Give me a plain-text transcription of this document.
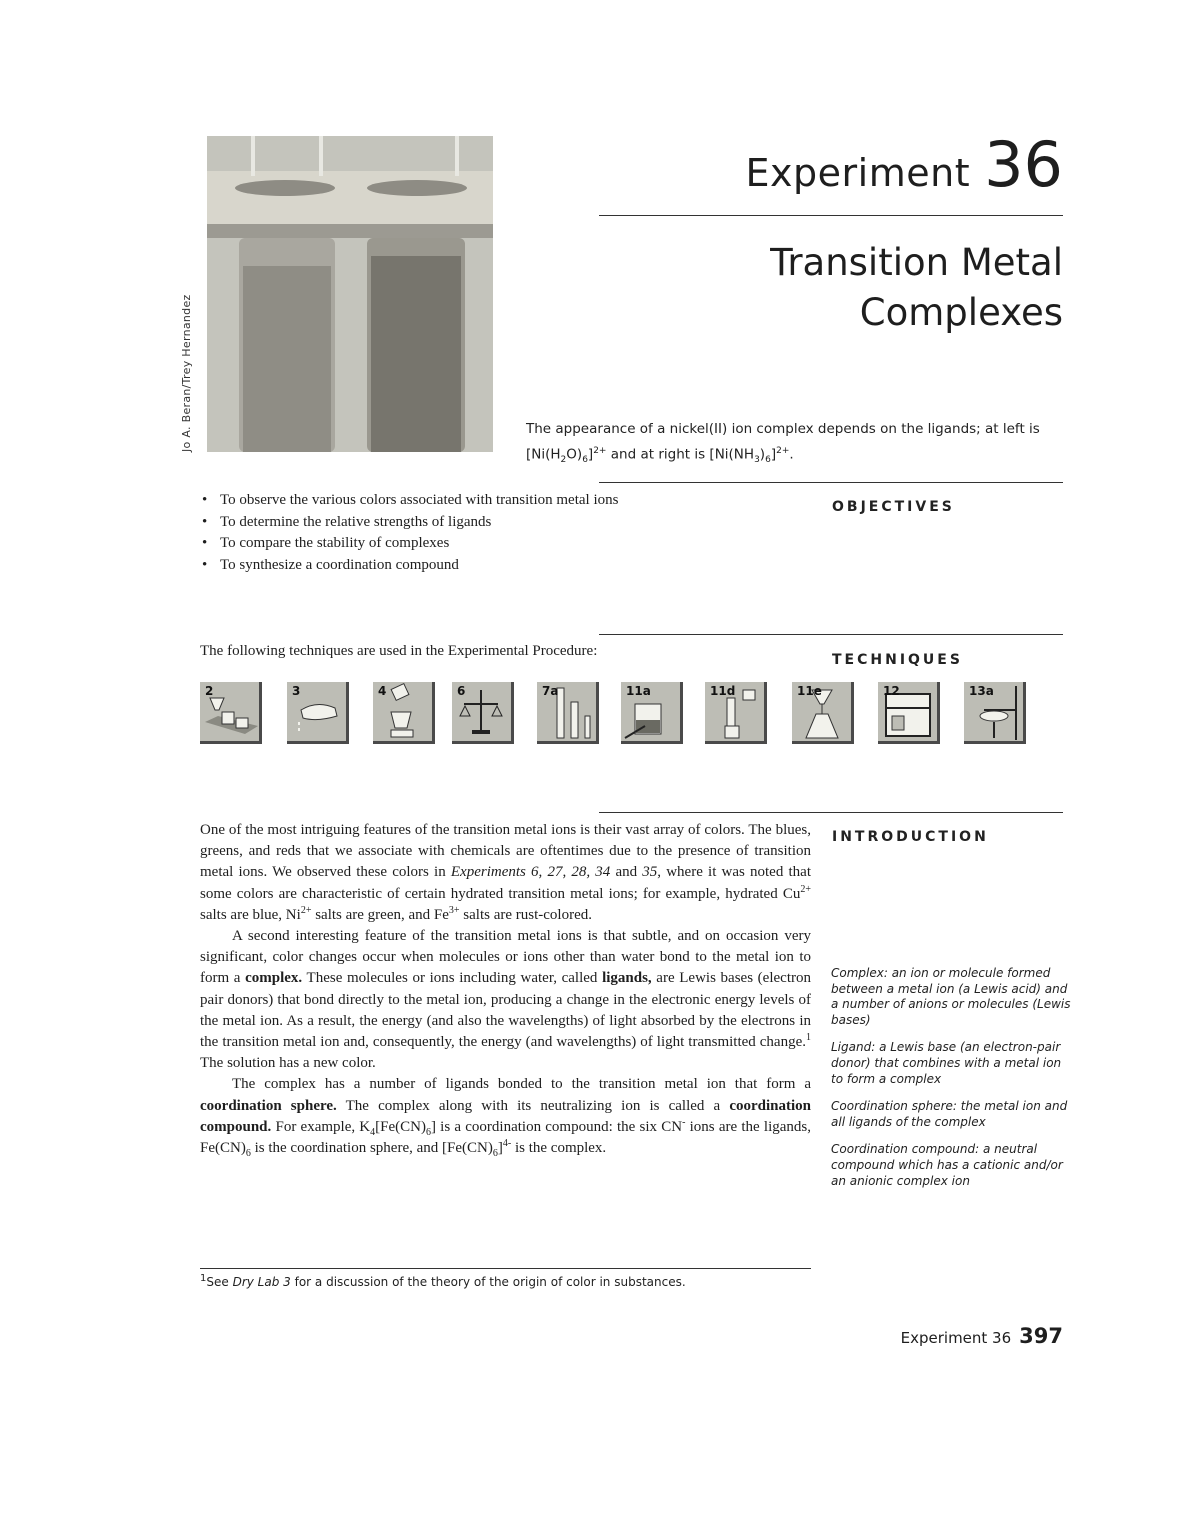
Jo A. Beran/Trey Hernandez
Experiment 36
Transition Metal
Complexes
The appearance of a nickel(II) ion complex depends on the ligands; at left is
$[Ni(H_2O)_6]^{2+}$ and at right is $[Ni(NH_3)_6]^{2+}$.
OBJECTIVES
• To observe the various colors associated with transition metal ions
• To determine the relative strengths of ligands
• To compare the stability of complexes
• To synthesize a coordination compound
TECHNIQUES
The following techniques are used in the Experimental Procedure:
2	3	4	6	7a	11a	11d	11e	12	13a
INTRODUCTION

One of the most intriguing features of the transition metal ions is their vast array of colors. The blues, greens, and reds that we associate with chemicals are oftentimes due to the presence of transition metal ions. We observed these colors in Experiments 6, 27, 28, 34 and 35, where it was noted that some colors are characteristic of certain hydrated transition metal ions; for example, hydrated $Cu^{2+}$ salts are blue, $Ni^{2+}$ salts are green, and $Fe^{3+}$ salts are rust-colored.

A second interesting feature of the transition metal ions is that subtle, and on occasion very significant, color changes occur when molecules or ions other than water bond to the metal ion to form a complex. These molecules or ions including water, called ligands, are Lewis bases (electron pair donors) that bond directly to the metal ion, producing a change in the electronic energy levels of the metal ion. As a result, the energy (and also the wavelengths) of light absorbed by the electrons in the transition metal ion and, consequently, the energy (and wavelengths) of light transmitted change.$^1$ The solution has a new color.

The complex has a number of ligands bonded to the transition metal ion that form a coordination sphere. The complex along with its neutralizing ion is called a coordination compound. For example, $K_4[Fe(CN)_6]$ is a coordination compound: the six CN- ions are the ligands, $Fe(CN)_6$ is the coordination sphere, and $[Fe(CN)_6]^{4-}$ is the complex.

Complex: an ion or molecule formed between a metal ion (a Lewis acid) and a number of anions or molecules (Lewis bases)

Ligand: a Lewis base (an electron-pair donor) that combines with a metal ion to form a complex

Coordination sphere: the metal ion and all ligands of the complex

Coordination compound: a neutral compound which has a cationic and/or an anionic complex ion

$^1$See Dry Lab 3 for a discussion of the theory of the origin of color in substances.
Experiment 36 397
